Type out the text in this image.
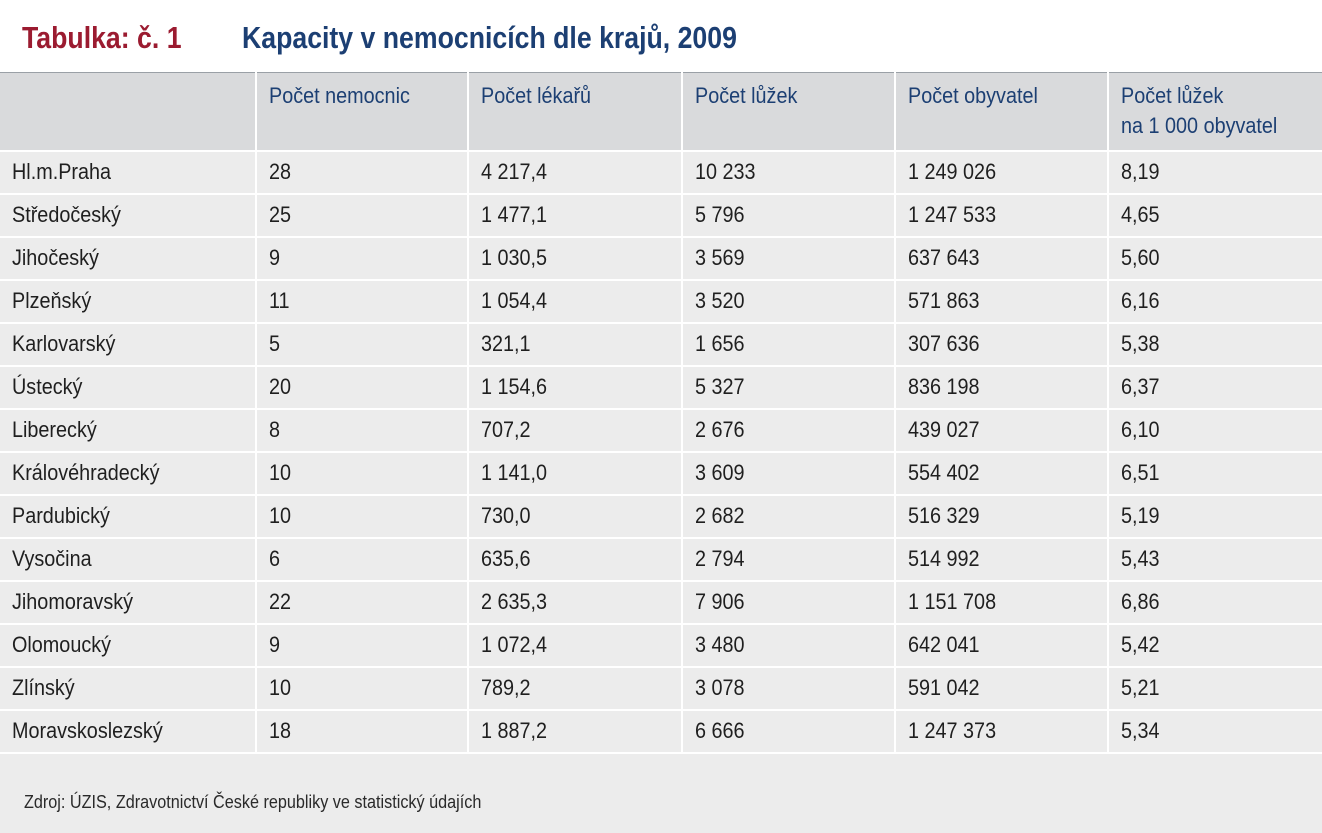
Tabulka: č. 1 Kapacity v nemocnicích dle krajů, 2009
	Počet nemocnic	Počet lékařů	Počet lůžek	Počet obyvatel	Počet lůžek
na 1 000 obyvatel
Hl.m.Praha	28	4 217,4	10 233	1 249 026	8,19
Středočeský	25	1 477,1	5 796	1 247 533	4,65
Jihočeský	9	1 030,5	3 569	637 643	5,60
Plzeňský	11	1 054,4	3 520	571 863	6,16
Karlovarský	5	321,1	1 656	307 636	5,38
Ústecký	20	1 154,6	5 327	836 198	6,37
Liberecký	8	707,2	2 676	439 027	6,10
Královéhradecký	10	1 141,0	3 609	554 402	6,51
Pardubický	10	730,0	2 682	516 329	5,19
Vysočina	6	635,6	2 794	514 992	5,43
Jihomoravský	22	2 635,3	7 906	1 151 708	6,86
Olomoucký	9	1 072,4	3 480	642 041	5,42
Zlínský	10	789,2	3 078	591 042	5,21
Moravskoslezský	18	1 887,2	6 666	1 247 373	5,34
Zdroj: ÚZIS, Zdravotnictví České republiky ve statistický údajích
